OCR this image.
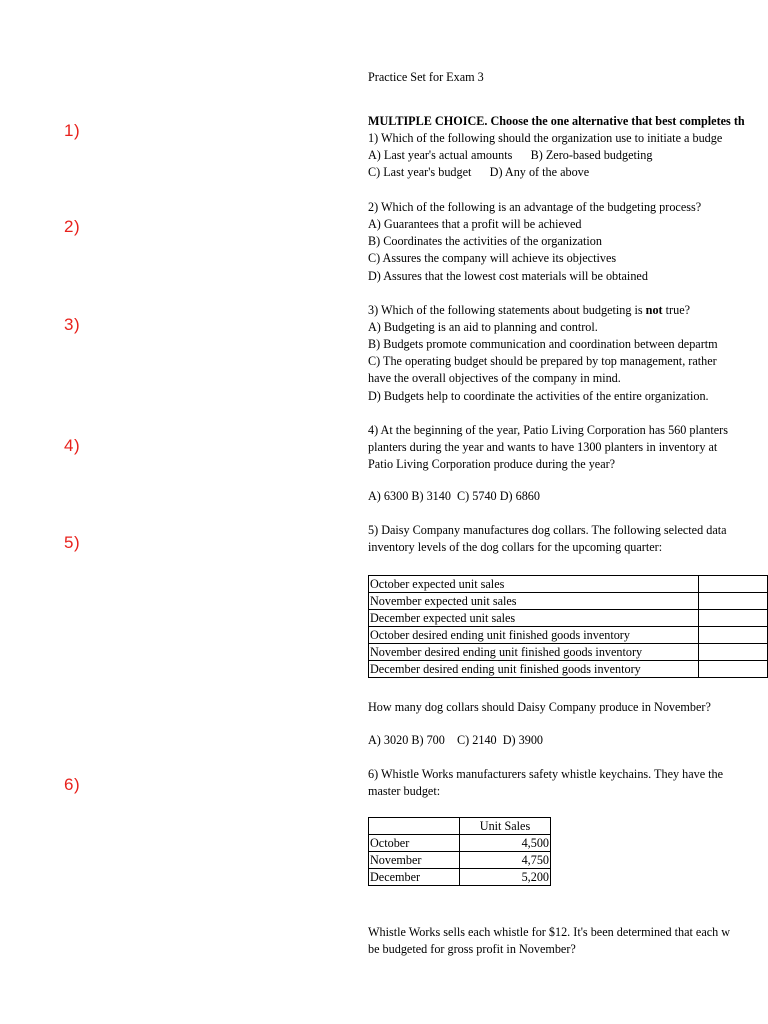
1)
2)
3)
4)
5)
6)
Practice Set for Exam 3
MULTIPLE CHOICE. Choose the one alternative that best completes th
1) Which of the following should the organization use to initiate a budge
A) Last year's actual amounts      B) Zero-based budgeting
C) Last year's budget      D) Any of the above
2) Which of the following is an advantage of the budgeting process?
A) Guarantees that a profit will be achieved
B) Coordinates the activities of the organization
C) Assures the company will achieve its objectives
D) Assures that the lowest cost materials will be obtained
3) Which of the following statements about budgeting is not true?
A) Budgeting is an aid to planning and control.
B) Budgets promote communication and coordination between departm
C) The operating budget should be prepared by top management, rather
have the overall objectives of the company in mind.
D) Budgets help to coordinate the activities of the entire organization.
4) At the beginning of the year, Patio Living Corporation has 560 planters
planters during the year and wants to have 1300 planters in inventory at
Patio Living Corporation produce during the year?
A) 6300 B) 3140  C) 5740 D) 6860
5) Daisy Company manufactures dog collars. The following selected data
inventory levels of the dog collars for the upcoming quarter:
October expected unit sales	
November expected unit sales	
December expected unit sales	
October desired ending unit finished goods inventory	
November desired ending unit finished goods inventory	
December desired ending unit finished goods inventory	
How many dog collars should Daisy Company produce in November?
A) 3020 B) 700    C) 2140  D) 3900
6) Whistle Works manufacturers safety whistle keychains. They have the
master budget:
	Unit Sales
October	4,500
November	4,750
December	5,200
Whistle Works sells each whistle for $12. It's been determined that each w
be budgeted for gross profit in November?
